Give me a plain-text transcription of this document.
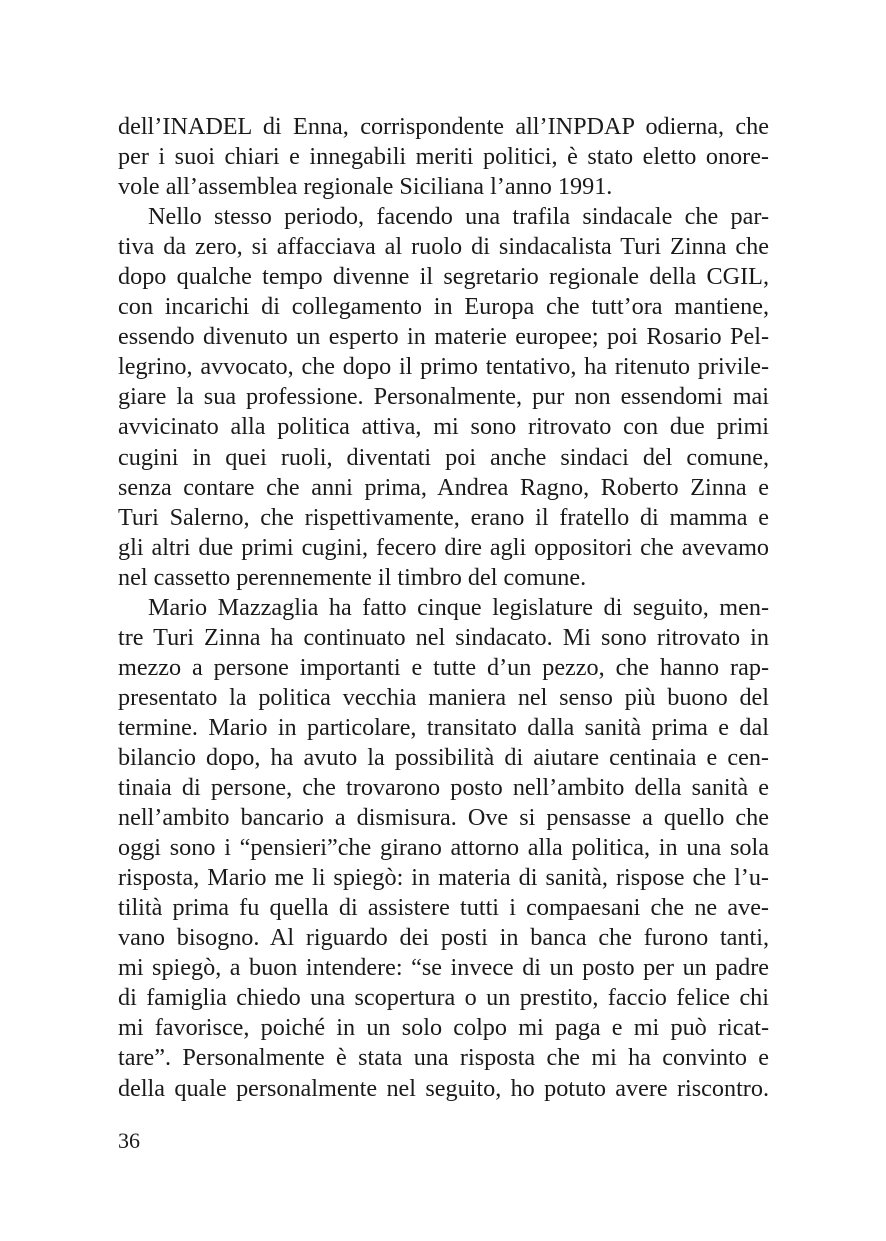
dell’INADEL di Enna, corrispondente all’INPDAP odierna, che
per i suoi chiari e innegabili meriti politici, è stato eletto onore-
vole all’assemblea regionale Siciliana l’anno 1991.
Nello stesso periodo, facendo una trafila sindacale che par-
tiva da zero, si affacciava al ruolo di sindacalista Turi Zinna che
dopo qualche tempo divenne il segretario regionale della CGIL,
con incarichi di collegamento in Europa che tutt’ora mantiene,
essendo divenuto un esperto in materie europee; poi Rosario Pel-
legrino, avvocato, che dopo il primo tentativo, ha ritenuto privile-
giare la sua professione. Personalmente, pur non essendomi mai
avvicinato alla politica attiva, mi sono ritrovato con due primi
cugini in quei ruoli, diventati poi anche sindaci del comune,
senza contare che anni prima, Andrea Ragno, Roberto Zinna e
Turi Salerno, che rispettivamente, erano il fratello di mamma e
gli altri due primi cugini, fecero dire agli oppositori che avevamo
nel cassetto perennemente il timbro del comune.
Mario Mazzaglia ha fatto cinque legislature di seguito, men-
tre Turi Zinna ha continuato nel sindacato. Mi sono ritrovato in
mezzo a persone importanti e tutte d’un pezzo, che hanno rap-
presentato la politica vecchia maniera nel senso più buono del
termine. Mario in particolare, transitato dalla sanità prima e dal
bilancio dopo, ha avuto la possibilità di aiutare centinaia e cen-
tinaia di persone, che trovarono posto nell’ambito della sanità e
nell’ambito bancario a dismisura. Ove si pensasse a quello che
oggi sono i “pensieri”che girano attorno alla politica, in una sola
risposta, Mario me li spiegò: in materia di sanità, rispose che l’u-
tilità prima fu quella di assistere tutti i compaesani che ne ave-
vano bisogno. Al riguardo dei posti in banca che furono tanti,
mi spiegò, a buon intendere: “se invece di un posto per un padre
di famiglia chiedo una scopertura o un prestito, faccio felice chi
mi favorisce, poiché in un solo colpo mi paga e mi può ricat-
tare”. Personalmente è stata una risposta che mi ha convinto e
della quale personalmente nel seguito, ho potuto avere riscontro.
36
